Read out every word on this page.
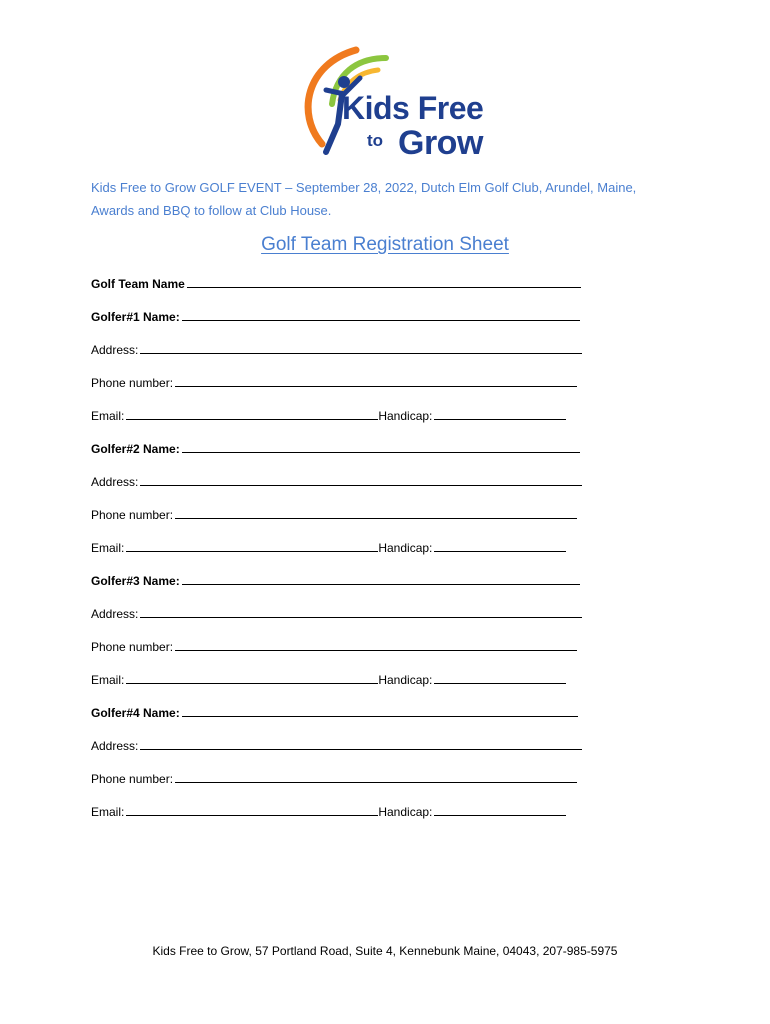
Kids Free
to Grow
Kids Free to Grow GOLF EVENT – September 28, 2022, Dutch Elm Golf Club, Arundel, Maine,
Awards and BBQ to follow at Club House.
Golf Team Registration Sheet
Golf Team Name
Golfer#1 Name:
Address:
Phone number:
Email:	Handicap:
Golfer#2 Name:
Address:
Phone number:
Email:	Handicap:
Golfer#3 Name:
Address:
Phone number:
Email:	Handicap:
Golfer#4 Name:
Address:
Phone number:
Email:	Handicap:
Kids Free to Grow, 57 Portland Road, Suite 4, Kennebunk Maine, 04043, 207-985-5975
